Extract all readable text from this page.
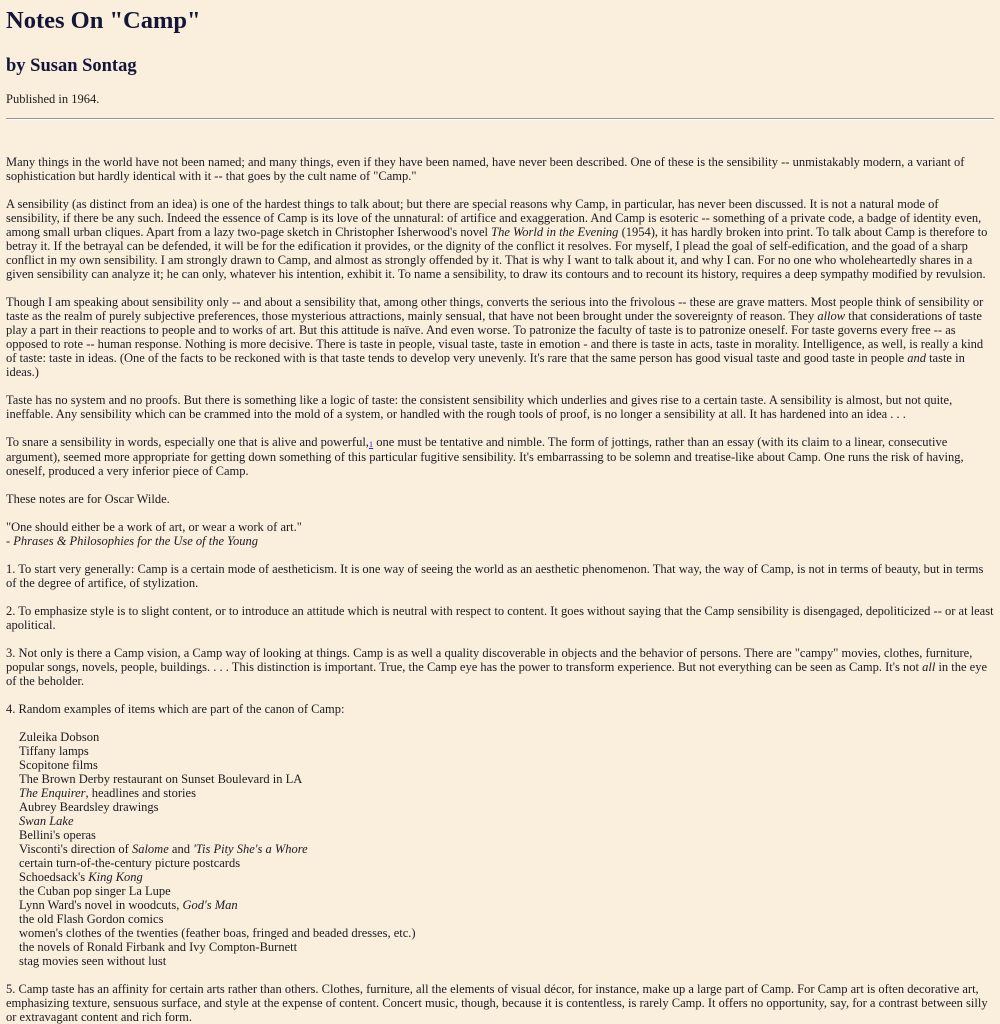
Notes On "Camp"
by Susan Sontag

Published in 1964.

Many things in the world have not been named; and many things, even if they have been named, have never been described. One of these is the sensibility -- unmistakably modern, a variant of sophistication but hardly identical with it -- that goes by the cult name of "Camp."

A sensibility (as distinct from an idea) is one of the hardest things to talk about; but there are special reasons why Camp, in particular, has never been discussed. It is not a natural mode of sensibility, if there be any such. Indeed the essence of Camp is its love of the unnatural: of artifice and exaggeration. And Camp is esoteric -- something of a private code, a badge of identity even, among small urban cliques. Apart from a lazy two-page sketch in Christopher Isherwood's novel The World in the Evening (1954), it has hardly broken into print. To talk about Camp is therefore to betray it. If the betrayal can be defended, it will be for the edification it provides, or the dignity of the conflict it resolves. For myself, I plead the goal of self-edification, and the goad of a sharp conflict in my own sensibility. I am strongly drawn to Camp, and almost as strongly offended by it. That is why I want to talk about it, and why I can. For no one who wholeheartedly shares in a given sensibility can analyze it; he can only, whatever his intention, exhibit it. To name a sensibility, to draw its contours and to recount its history, requires a deep sympathy modified by revulsion.

Though I am speaking about sensibility only -- and about a sensibility that, among other things, converts the serious into the frivolous -- these are grave matters. Most people think of sensibility or taste as the realm of purely subjective preferences, those mysterious attractions, mainly sensual, that have not been brought under the sovereignty of reason. They allow that considerations of taste play a part in their reactions to people and to works of art. But this attitude is naïve. And even worse. To patronize the faculty of taste is to patronize oneself. For taste governs every free -- as opposed to rote -- human response. Nothing is more decisive. There is taste in people, visual taste, taste in emotion - and there is taste in acts, taste in morality. Intelligence, as well, is really a kind of taste: taste in ideas. (One of the facts to be reckoned with is that taste tends to develop very unevenly. It's rare that the same person has good visual taste and good taste in people and taste in ideas.)

Taste has no system and no proofs. But there is something like a logic of taste: the consistent sensibility which underlies and gives rise to a certain taste. A sensibility is almost, but not quite, ineffable. Any sensibility which can be crammed into the mold of a system, or handled with the rough tools of proof, is no longer a sensibility at all. It has hardened into an idea . . .

To snare a sensibility in words, especially one that is alive and powerful,1 one must be tentative and nimble. The form of jottings, rather than an essay (with its claim to a linear, consecutive argument), seemed more appropriate for getting down something of this particular fugitive sensibility. It's embarrassing to be solemn and treatise-like about Camp. One runs the risk of having, oneself, produced a very inferior piece of Camp.

These notes are for Oscar Wilde.

"One should either be a work of art, or wear a work of art."
- Phrases & Philosophies for the Use of the Young

1. To start very generally: Camp is a certain mode of aestheticism. It is one way of seeing the world as an aesthetic phenomenon. That way, the way of Camp, is not in terms of beauty, but in terms of the degree of artifice, of stylization.

2. To emphasize style is to slight content, or to introduce an attitude which is neutral with respect to content. It goes without saying that the Camp sensibility is disengaged, depoliticized -- or at least apolitical.

3. Not only is there a Camp vision, a Camp way of looking at things. Camp is as well a quality discoverable in objects and the behavior of persons. There are "campy" movies, clothes, furniture, popular songs, novels, people, buildings. . . . This distinction is important. True, the Camp eye has the power to transform experience. But not everything can be seen as Camp. It's not all in the eye of the beholder.

4. Random examples of items which are part of the canon of Camp:

Zuleika Dobson
Tiffany lamps
Scopitone films
The Brown Derby restaurant on Sunset Boulevard in LA
The Enquirer, headlines and stories
Aubrey Beardsley drawings
Swan Lake
Bellini's operas
Visconti's direction of Salome and 'Tis Pity She's a Whore
certain turn-of-the-century picture postcards
Schoedsack's King Kong
the Cuban pop singer La Lupe
Lynn Ward's novel in woodcuts, God's Man
the old Flash Gordon comics
women's clothes of the twenties (feather boas, fringed and beaded dresses, etc.)
the novels of Ronald Firbank and Ivy Compton-Burnett
stag movies seen without lust

5. Camp taste has an affinity for certain arts rather than others. Clothes, furniture, all the elements of visual décor, for instance, make up a large part of Camp. For Camp art is often decorative art, emphasizing texture, sensuous surface, and style at the expense of content. Concert music, though, because it is contentless, is rarely Camp. It offers no opportunity, say, for a contrast between silly or extravagant content and rich form.
